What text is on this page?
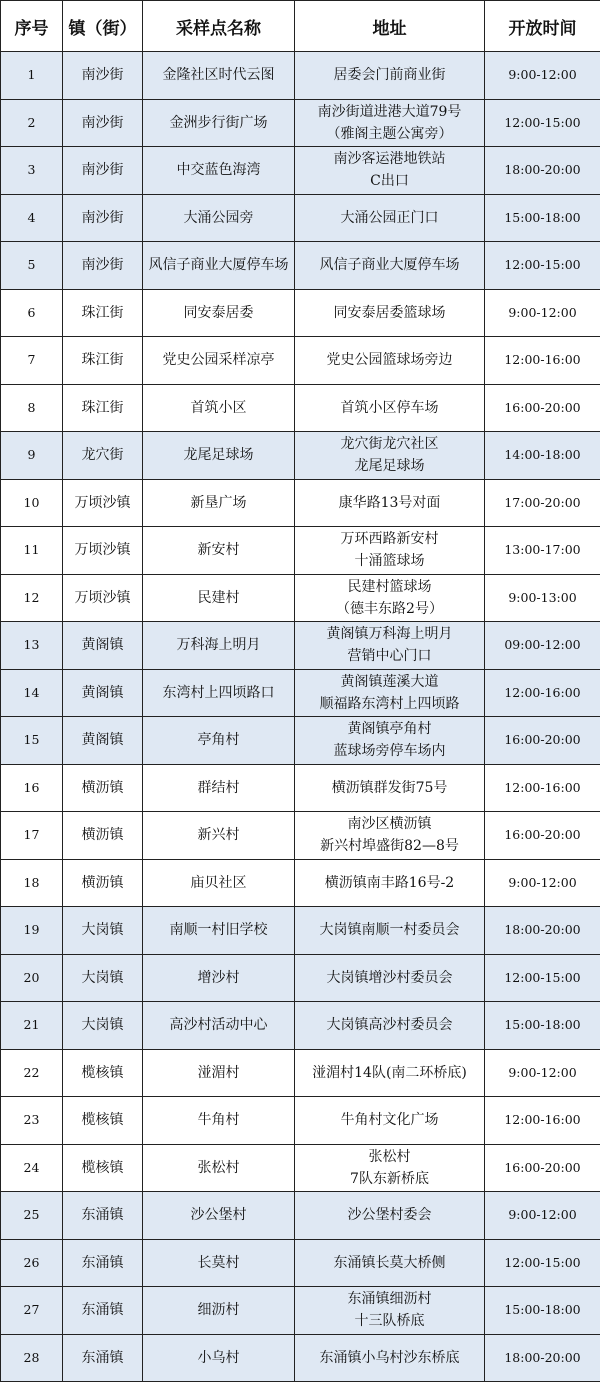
序号	镇（街）	采样点名称	地址	开放时间
1	南沙街	金隆社区时代云图	居委会门前商业街	9:00-12:00
2	南沙街	金洲步行街广场	南沙街道进港大道79号
（雅阁主题公寓旁）	12:00-15:00
3	南沙街	中交蓝色海湾	南沙客运港地铁站
C出口	18:00-20:00
4	南沙街	大涌公园旁	大涌公园正门口	15:00-18:00
5	南沙街	风信子商业大厦停车场	风信子商业大厦停车场	12:00-15:00
6	珠江街	同安泰居委	同安泰居委篮球场	9:00-12:00
7	珠江街	党史公园采样凉亭	党史公园篮球场旁边	12:00-16:00
8	珠江街	首筑小区	首筑小区停车场	16:00-20:00
9	龙穴街	龙尾足球场	龙穴街龙穴社区
龙尾足球场	14:00-18:00
10	万顷沙镇	新垦广场	康华路13号对面	17:00-20:00
11	万顷沙镇	新安村	万环西路新安村
十涌篮球场	13:00-17:00
12	万顷沙镇	民建村	民建村篮球场
（德丰东路2号）	9:00-13:00
13	黄阁镇	万科海上明月	黄阁镇万科海上明月
营销中心门口	09:00-12:00
14	黄阁镇	东湾村上四顷路口	黄阁镇莲溪大道
顺福路东湾村上四顷路	12:00-16:00
15	黄阁镇	亭角村	黄阁镇亭角村
蓝球场旁停车场内	16:00-20:00
16	横沥镇	群结村	横沥镇群发街75号	12:00-16:00
17	横沥镇	新兴村	南沙区横沥镇
新兴村埠盛街82—8号	16:00-20:00
18	横沥镇	庙贝社区	横沥镇南丰路16号-2	9:00-12:00
19	大岗镇	南顺一村旧学校	大岗镇南顺一村委员会	18:00-20:00
20	大岗镇	增沙村	大岗镇增沙村委员会	12:00-15:00
21	大岗镇	高沙村活动中心	大岗镇高沙村委员会	15:00-18:00
22	榄核镇	湴湄村	湴湄村14队(南二环桥底)	9:00-12:00
23	榄核镇	牛角村	牛角村文化广场	12:00-16:00
24	榄核镇	张松村	张松村
7队东新桥底	16:00-20:00
25	东涌镇	沙公堡村	沙公堡村委会	9:00-12:00
26	东涌镇	长莫村	东涌镇长莫大桥侧	12:00-15:00
27	东涌镇	细沥村	东涌镇细沥村
十三队桥底	15:00-18:00
28	东涌镇	小乌村	东涌镇小乌村沙东桥底	18:00-20:00
